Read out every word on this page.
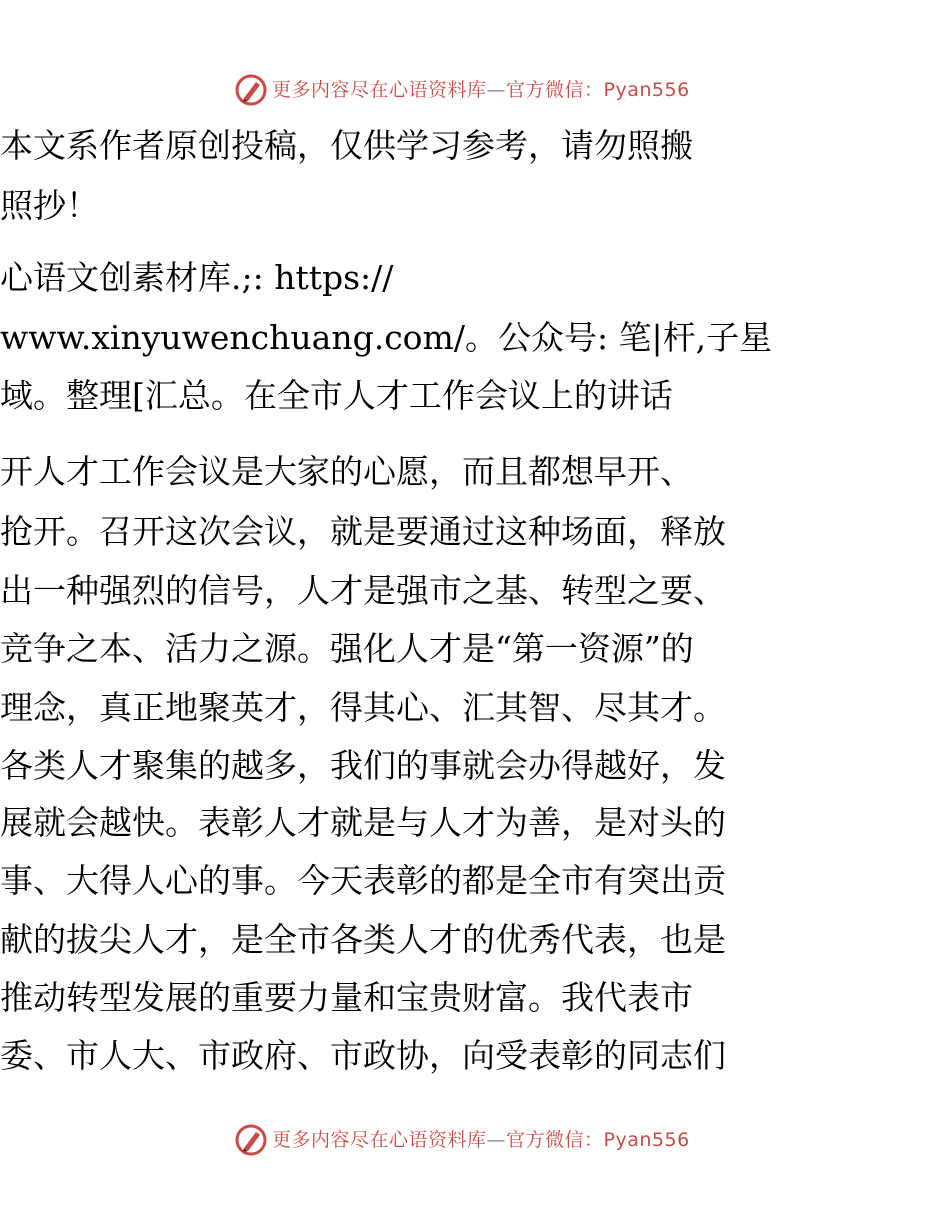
更多内容尽在心语资料库—官方微信：Pyan556
本文系作者原创投稿，仅供学习参考，请勿照搬
照抄！
心语文创素材库.;: https://
www.xinyuwenchuang.com/。公众号: 笔|杆,子星
域。整理[汇总。在全市人才工作会议上的讲话
开人才工作会议是大家的心愿，而且都想早开、
抢开。召开这次会议，就是要通过这种场面，释放
出一种强烈的信号，人才是强市之基、转型之要、
竞争之本、活力之源。强化人才是“第一资源”的
理念，真正地聚英才，得其心、汇其智、尽其才。
各类人才聚集的越多，我们的事就会办得越好，发
展就会越快。表彰人才就是与人才为善，是对头的
事、大得人心的事。今天表彰的都是全市有突出贡
献的拔尖人才，是全市各类人才的优秀代表，也是
推动转型发展的重要力量和宝贵财富。我代表市
委、市人大、市政府、市政协，向受表彰的同志们
更多内容尽在心语资料库—官方微信：Pyan556
